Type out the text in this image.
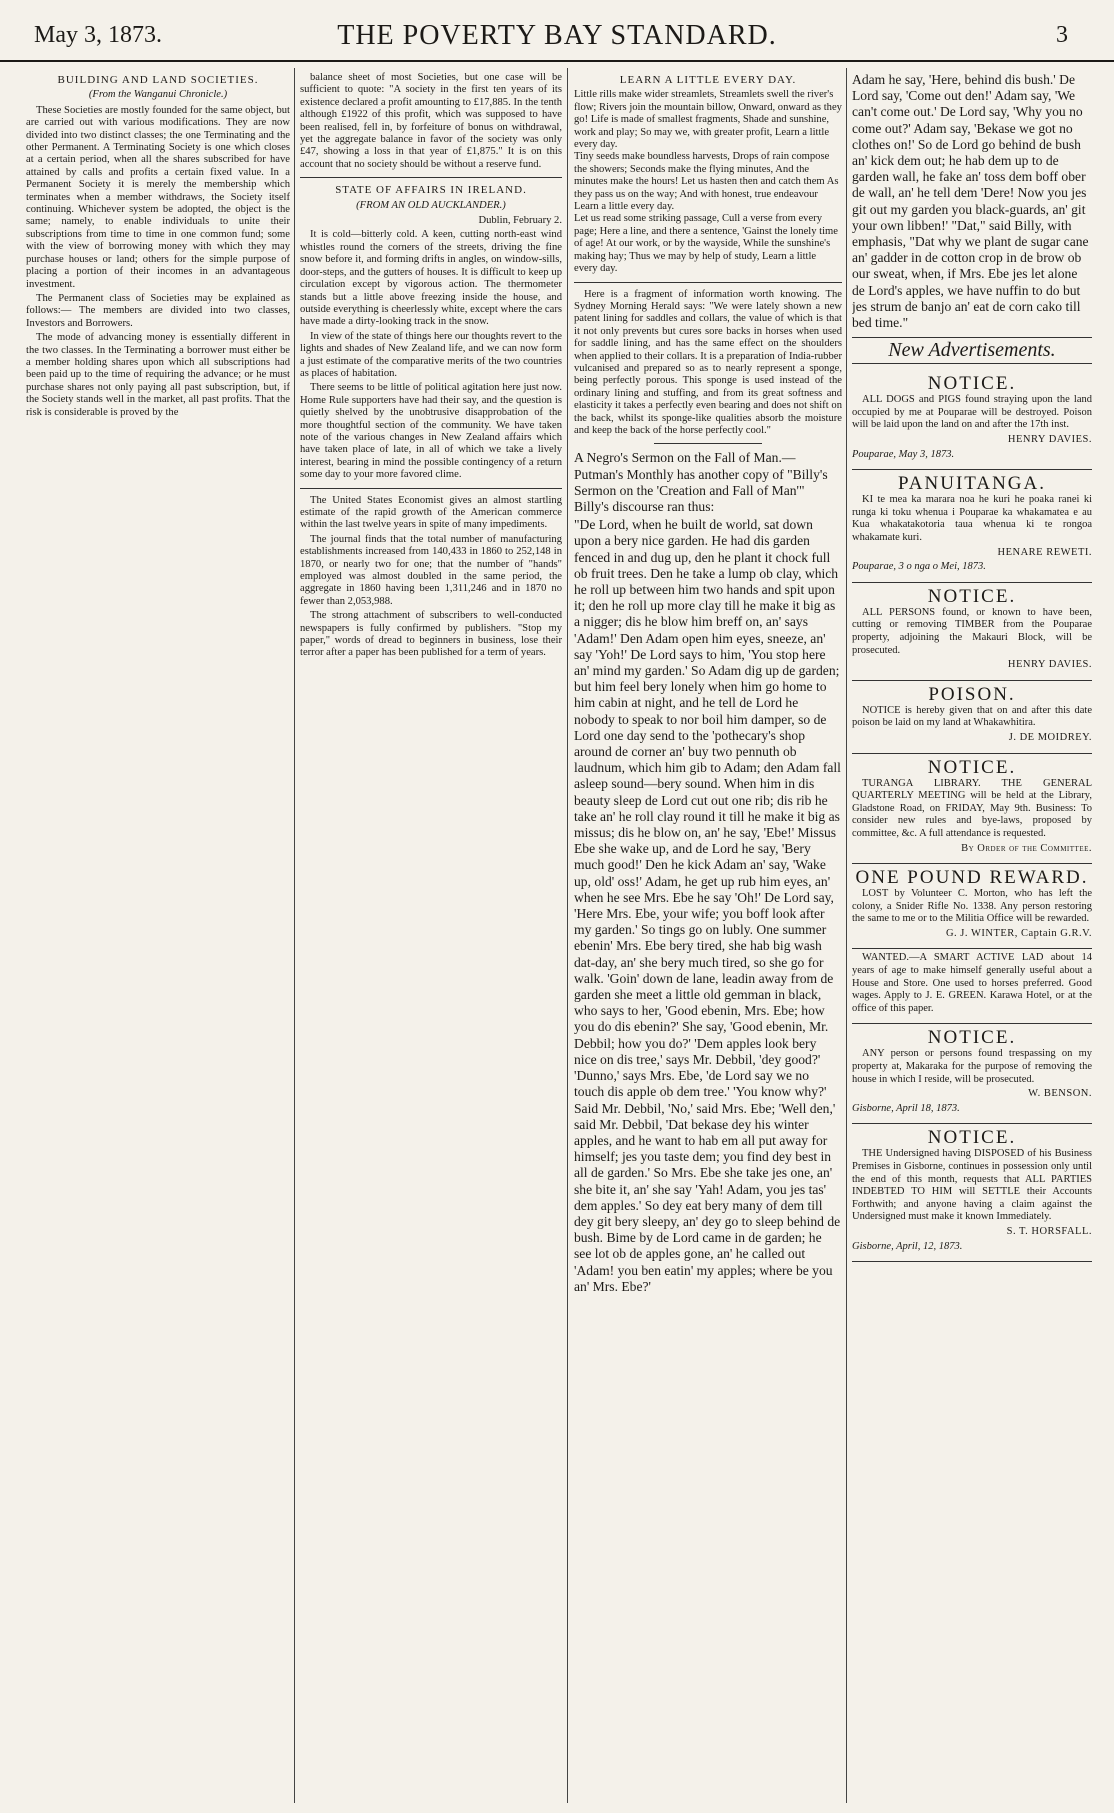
May 3, 1873.	THE POVERTY BAY STANDARD.	3

BUILDING AND LAND SOCIETIES.

(From the Wanganui Chronicle.)

These Societies are mostly founded for the same object, but are carried out with various modifications. They are now divided into two distinct classes; the one Terminating and the other Permanent. A Terminating Society is one which closes at a certain period, when all the shares subscribed for have attained by calls and profits a certain fixed value. In a Permanent Society it is merely the membership which terminates when a member withdraws, the Society itself continuing. Whichever system be adopted, the object is the same; namely, to enable individuals to unite their subscriptions from time to time in one common fund; some with the view of borrowing money with which they may purchase houses or land; others for the simple purpose of placing a portion of their incomes in an advantageous investment.

The Permanent class of Societies may be explained as follows:— The members are divided into two classes, Investors and Borrowers.

The mode of advancing money is essentially different in the two classes. In the Terminating a borrower must either be a member holding shares upon which all subscriptions had been paid up to the time of requiring the advance; or he must purchase shares not only paying all past subscription, but, if the Society stands well in the market, all past profits. That the risk is considerable is proved by the

balance sheet of most Societies, but one case will be sufficient to quote: "A society in the first ten years of its existence declared a profit amounting to £17,885. In the tenth although £1922 of this profit, which was supposed to have been realised, fell in, by forfeiture of bonus on withdrawal, yet the aggregate balance in favor of the society was only £47, showing a loss in that year of £1,875." It is on this account that no society should be without a reserve fund.

STATE OF AFFAIRS IN IRELAND.

(FROM AN OLD AUCKLANDER.)

Dublin, February 2.

It is cold—bitterly cold. A keen, cutting north-east wind whistles round the corners of the streets, driving the fine snow before it, and forming drifts in angles, on window-sills, door-steps, and the gutters of houses. It is difficult to keep up circulation except by vigorous action. The thermometer stands but a little above freezing inside the house, and outside everything is cheerlessly white, except where the cars have made a dirty-looking track in the snow.

In view of the state of things here our thoughts revert to the lights and shades of New Zealand life, and we can now form a just estimate of the comparative merits of the two countries as places of habitation.

There seems to be little of political agitation here just now. Home Rule supporters have had their say, and the question is quietly shelved by the unobtrusive disapprobation of the more thoughtful section of the community. We have taken note of the various changes in New Zealand affairs which have taken place of late, in all of which we take a lively interest, bearing in mind the possible contingency of a return some day to your more favored clime.

The United States Economist gives an almost startling estimate of the rapid growth of the American commerce within the last twelve years in spite of many impediments.

The journal finds that the total number of manufacturing establishments increased from 140,433 in 1860 to 252,148 in 1870, or nearly two for one; that the number of "hands" employed was almost doubled in the same period, the aggregate in 1860 having been 1,311,246 and in 1870 no fewer than 2,053,988.

The strong attachment of subscribers to well-conducted newspapers is fully confirmed by publishers. "Stop my paper," words of dread to beginners in business, lose their terror after a paper has been published for a term of years.

LEARN A LITTLE EVERY DAY.

Little rills make wider streamlets, Streamlets swell the river's flow; Rivers join the mountain billow, Onward, onward as they go! Life is made of smallest fragments, Shade and sunshine, work and play; So may we, with greater profit, Learn a little every day.

Tiny seeds make boundless harvests, Drops of rain compose the showers; Seconds make the flying minutes, And the minutes make the hours! Let us hasten then and catch them As they pass us on the way; And with honest, true endeavour Learn a little every day.

Let us read some striking passage, Cull a verse from every page; Here a line, and there a sentence, 'Gainst the lonely time of age! At our work, or by the wayside, While the sunshine's making hay; Thus we may by help of study, Learn a little every day.

Here is a fragment of information worth knowing. The Sydney Morning Herald says: "We were lately shown a new patent lining for saddles and collars, the value of which is that it not only prevents but cures sore backs in horses when used for saddle lining, and has the same effect on the shoulders when applied to their collars. It is a preparation of India-rubber vulcanised and prepared so as to nearly represent a sponge, being perfectly porous. This sponge is used instead of the ordinary lining and stuffing, and from its great softness and elasticity it takes a perfectly even bearing and does not shift on the back, whilst its sponge-like qualities absorb the moisture and keep the back of the horse perfectly cool."

A Negro's Sermon on the Fall of Man.—Putman's Monthly has another copy of "Billy's Sermon on the 'Creation and Fall of Man'" Billy's discourse ran thus:

"De Lord, when he built de world, sat down upon a bery nice garden. He had dis garden fenced in and dug up, den he plant it chock full ob fruit trees. Den he take a lump ob clay, which he roll up between him two hands and spit upon it; den he roll up more clay till he make it big as a nigger; dis he blow him breff on, an' says 'Adam!' Den Adam open him eyes, sneeze, an' say 'Yoh!' De Lord says to him, 'You stop here an' mind my garden.' So Adam dig up de garden; but him feel bery lonely when him go home to him cabin at night, and he tell de Lord he nobody to speak to nor boil him damper, so de Lord one day send to the 'pothecary's shop around de corner an' buy two pennuth ob laudnum, which him gib to Adam; den Adam fall asleep sound—bery sound. When him in dis beauty sleep de Lord cut out one rib; dis rib he take an' he roll clay round it till he make it big as missus; dis he blow on, an' he say, 'Ebe!' Missus Ebe she wake up, and de Lord he say, 'Bery much good!' Den he kick Adam an' say, 'Wake up, old' oss!' Adam, he get up rub him eyes, an' when he see Mrs. Ebe he say 'Oh!' De Lord say, 'Here Mrs. Ebe, your wife; you boff look after my garden.' So tings go on lubly. One summer ebenin' Mrs. Ebe bery tired, she hab big wash dat-day, an' she bery much tired, so she go for walk. 'Goin' down de lane, leadin away from de garden she meet a little old gemman in black, who says to her, 'Good ebenin, Mrs. Ebe; how you do dis ebenin?' She say, 'Good ebenin, Mr. Debbil; how you do?' 'Dem apples look bery nice on dis tree,' says Mr. Debbil, 'dey good?' 'Dunno,' says Mrs. Ebe, 'de Lord say we no touch dis apple ob dem tree.' 'You know why?' Said Mr. Debbil, 'No,' said Mrs. Ebe; 'Well den,' said Mr. Debbil, 'Dat bekase dey his winter apples, and he want to hab em all put away for himself; jes you taste dem; you find dey best in all de garden.' So Mrs. Ebe she take jes one, an' she bite it, an' she say 'Yah! Adam, you jes tas' dem apples.' So dey eat bery many of dem till dey git bery sleepy, an' dey go to sleep behind de bush. Bime by de Lord came in de garden; he see lot ob de apples gone, an' he called out 'Adam! you ben eatin' my apples; where be you an' Mrs. Ebe?'

Adam he say, 'Here, behind dis bush.' De Lord say, 'Come out den!' Adam say, 'We can't come out.' De Lord say, 'Why you no come out?' Adam say, 'Bekase we got no clothes on!' So de Lord go behind de bush an' kick dem out; he hab dem up to de garden wall, he fake an' toss dem boff ober de wall, an' he tell dem 'Dere! Now you jes git out my garden you black-guards, an' git your own libben!' "Dat," said Billy, with emphasis, "Dat why we plant de sugar cane an' gadder in de cotton crop in de brow ob our sweat, when, if Mrs. Ebe jes let alone de Lord's apples, we have nuffin to do but jes strum de banjo an' eat de corn cako till bed time."

New Advertisements.
NOTICE.

ALL DOGS and PIGS found straying upon the land occupied by me at Pouparae will be destroyed. Poison will be laid upon the land on and after the 17th inst.

HENRY DAVIES.

Pouparae, May 3, 1873.

PANUITANGA.

KI te mea ka marara noa he kuri he poaka ranei ki runga ki toku whenua i Pouparae ka whakamatea e au Kua whakatakotoria taua whenua ki te rongoa whakamate kuri.

HENARE REWETI.

Pouparae, 3 o nga o Mei, 1873.

NOTICE.

ALL PERSONS found, or known to have been, cutting or removing TIMBER from the Pouparae property, adjoining the Makauri Block, will be prosecuted.

HENRY DAVIES.

POISON.

NOTICE is hereby given that on and after this date poison be laid on my land at Whakawhitira.

J. DE MOIDREY.

NOTICE.

TURANGA LIBRARY. THE GENERAL QUARTERLY MEETING will be held at the Library, Gladstone Road, on FRIDAY, May 9th. Business: To consider new rules and bye-laws, proposed by committee, &c. A full attendance is requested.

By Order of the Committee.

ONE POUND REWARD.

LOST by Volunteer C. Morton, who has left the colony, a Snider Rifle No. 1338. Any person restoring the same to me or to the Militia Office will be rewarded.

G. J. WINTER, Captain G.R.V.

WANTED.—A SMART ACTIVE LAD about 14 years of age to make himself generally useful about a House and Store. One used to horses preferred. Good wages. Apply to J. E. GREEN. Karawa Hotel, or at the office of this paper.

NOTICE.

ANY person or persons found trespassing on my property at, Makaraka for the purpose of removing the house in which I reside, will be prosecuted.

W. BENSON.

Gisborne, April 18, 1873.

NOTICE.

THE Undersigned having DISPOSED of his Business Premises in Gisborne, continues in possession only until the end of this month, requests that ALL PARTIES INDEBTED TO HIM will SETTLE their Accounts Forthwith; and anyone having a claim against the Undersigned must make it known Immediately.

S. T. HORSFALL.

Gisborne, April, 12, 1873.
